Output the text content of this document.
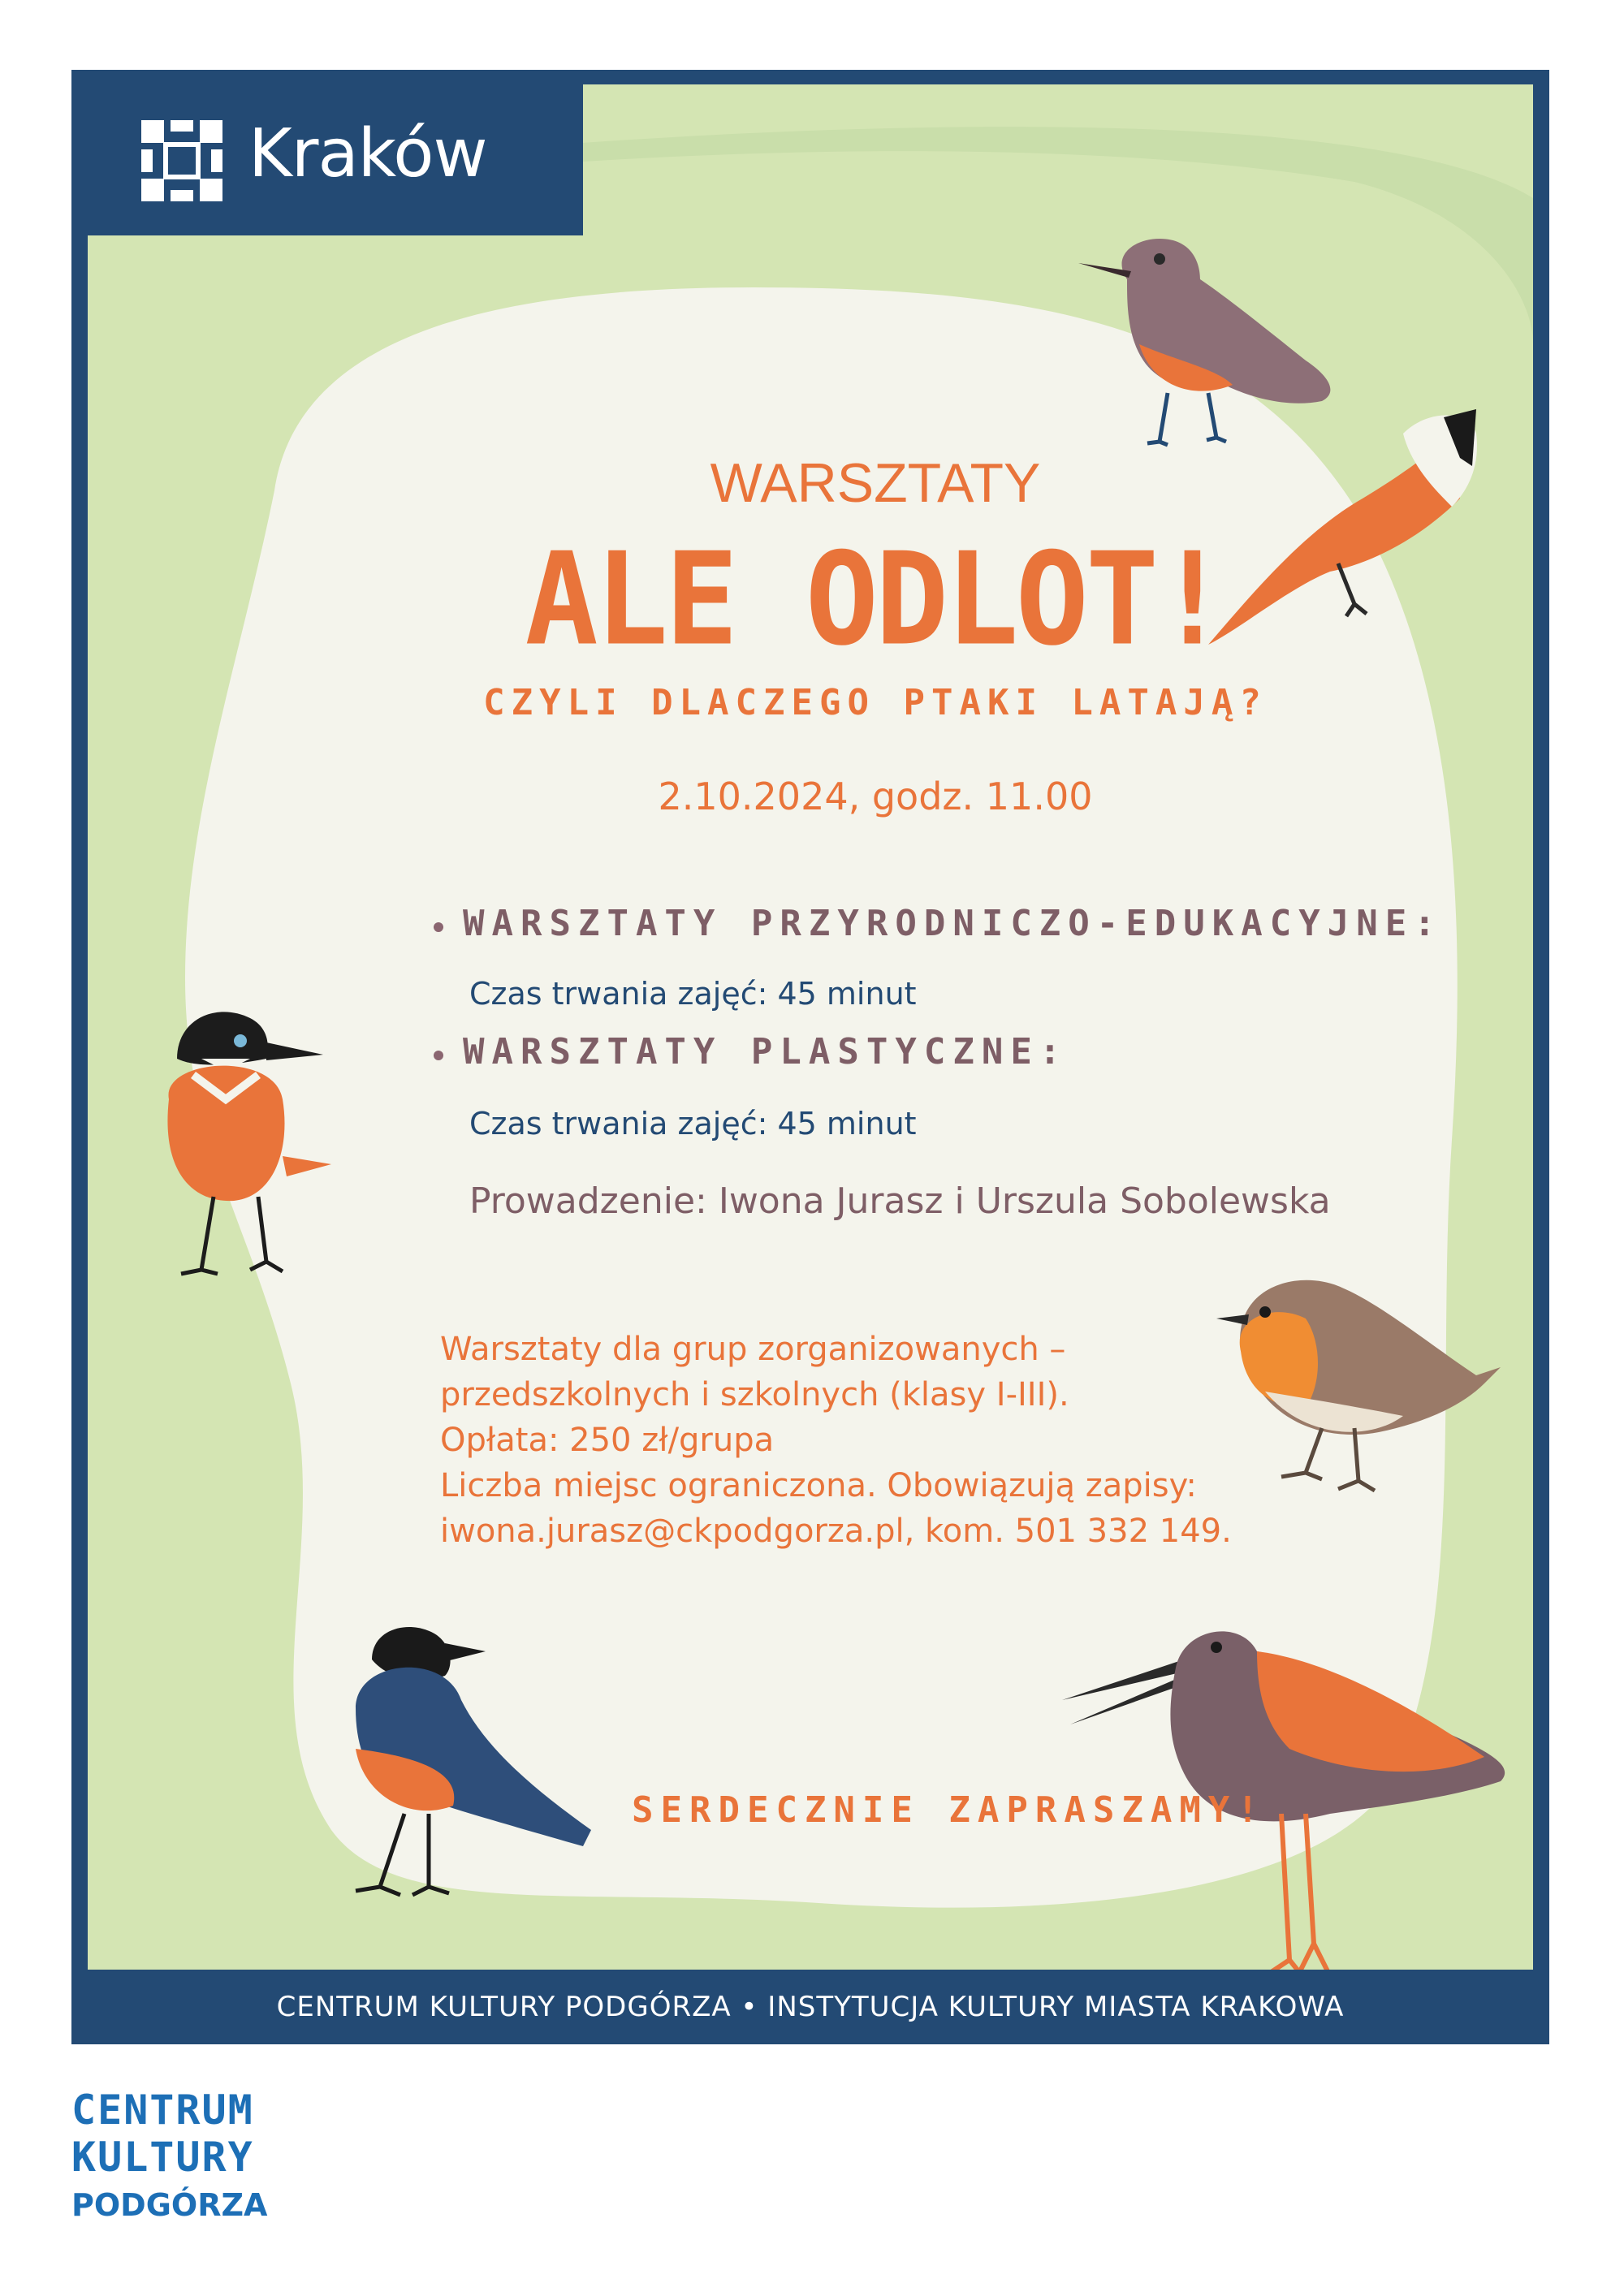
Kraków
WARSZTATY
ALE ODLOT!
CZYLI DLACZEGO PTAKI LATAJĄ?
2.10.2024, godz. 11.00
WARSZTATY PRZYRODNICZO-EDUKACYJNE:
Czas trwania zajęć: 45 minut
WARSZTATY PLASTYCZNE:
Czas trwania zajęć: 45 minut
Prowadzenie: Iwona Jurasz i Urszula Sobolewska
Warsztaty dla grup zorganizowanych –
przedszkolnych i szkolnych (klasy I-III).
Opłata: 250 zł/grupa
Liczba miejsc ograniczona. Obowiązują zapisy:
iwona.jurasz@ckpodgorza.pl, kom. 501 332 149.
SERDECZNIE ZAPRASZAMY!
CENTRUM KULTURY PODGÓRZA • INSTYTUCJA KULTURY MIASTA KRAKOWA
CENTRUM
KULTURY
PODGÓRZA
